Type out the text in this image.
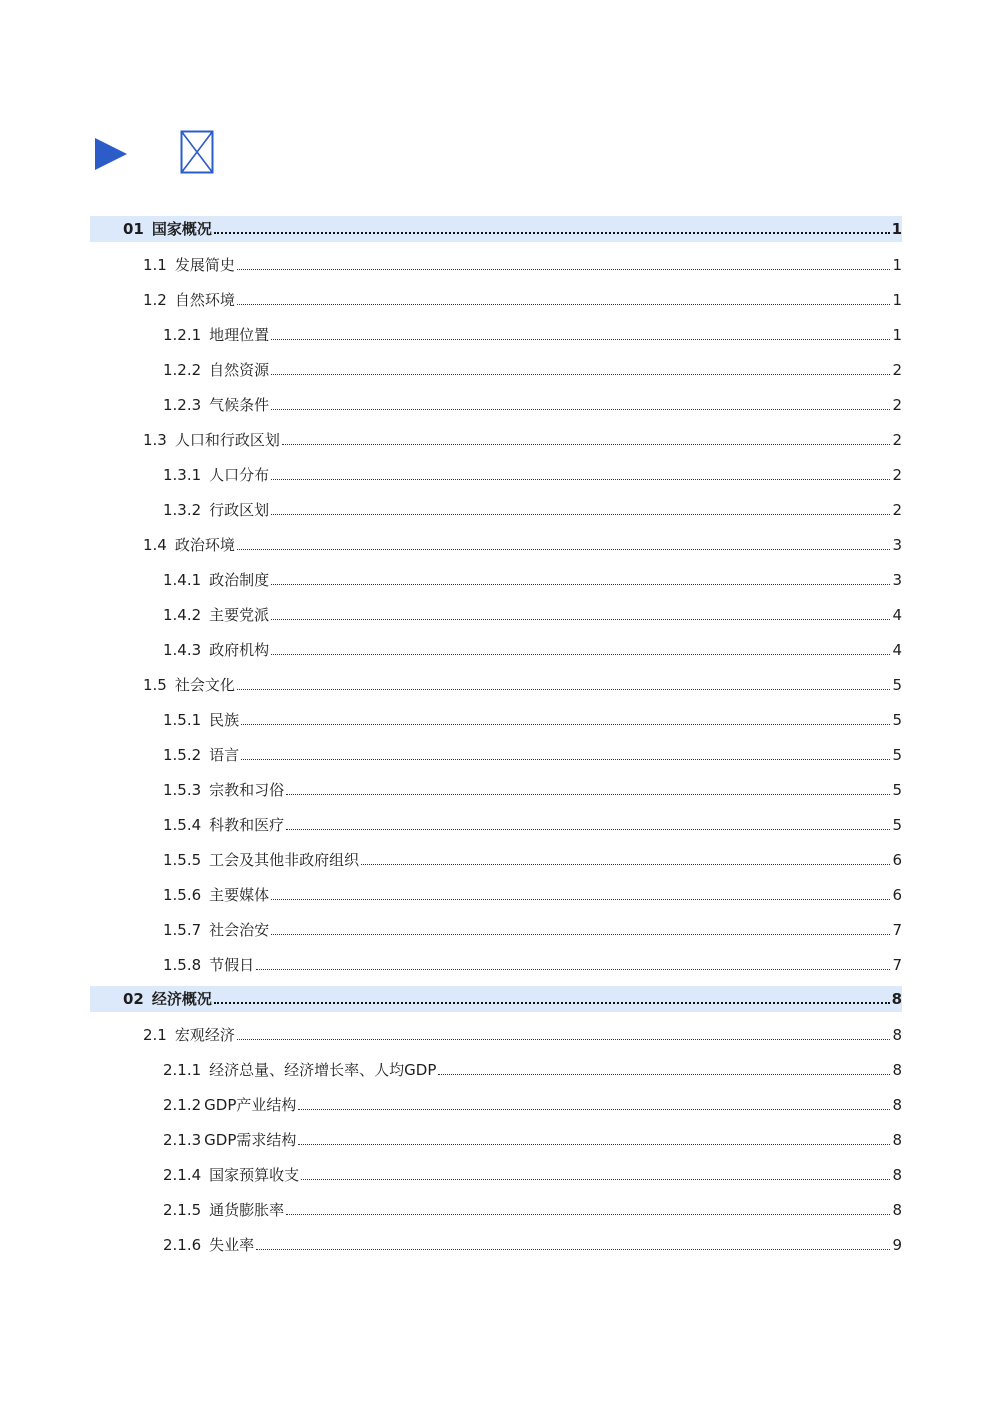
01 国家概况	1
1.1 发展简史	1
1.2 自然环境	1
1.2.1 地理位置	1
1.2.2 自然资源	2
1.2.3 气候条件	2
1.3 人口和行政区划	2
1.3.1 人口分布	2
1.3.2 行政区划	2
1.4 政治环境	3
1.4.1 政治制度	3
1.4.2 主要党派	4
1.4.3 政府机构	4
1.5 社会文化	5
1.5.1 民族	5
1.5.2 语言	5
1.5.3 宗教和习俗	5
1.5.4 科教和医疗	5
1.5.5 工会及其他非政府组织	6
1.5.6 主要媒体	6
1.5.7 社会治安	7
1.5.8 节假日	7
02 经济概况	8
2.1 宏观经济	8
2.1.1 经济总量、经济增长率、人均GDP	8
2.1.2 GDP产业结构	8
2.1.3 GDP需求结构	8
2.1.4 国家预算收支	8
2.1.5 通货膨胀率	8
2.1.6 失业率	9
